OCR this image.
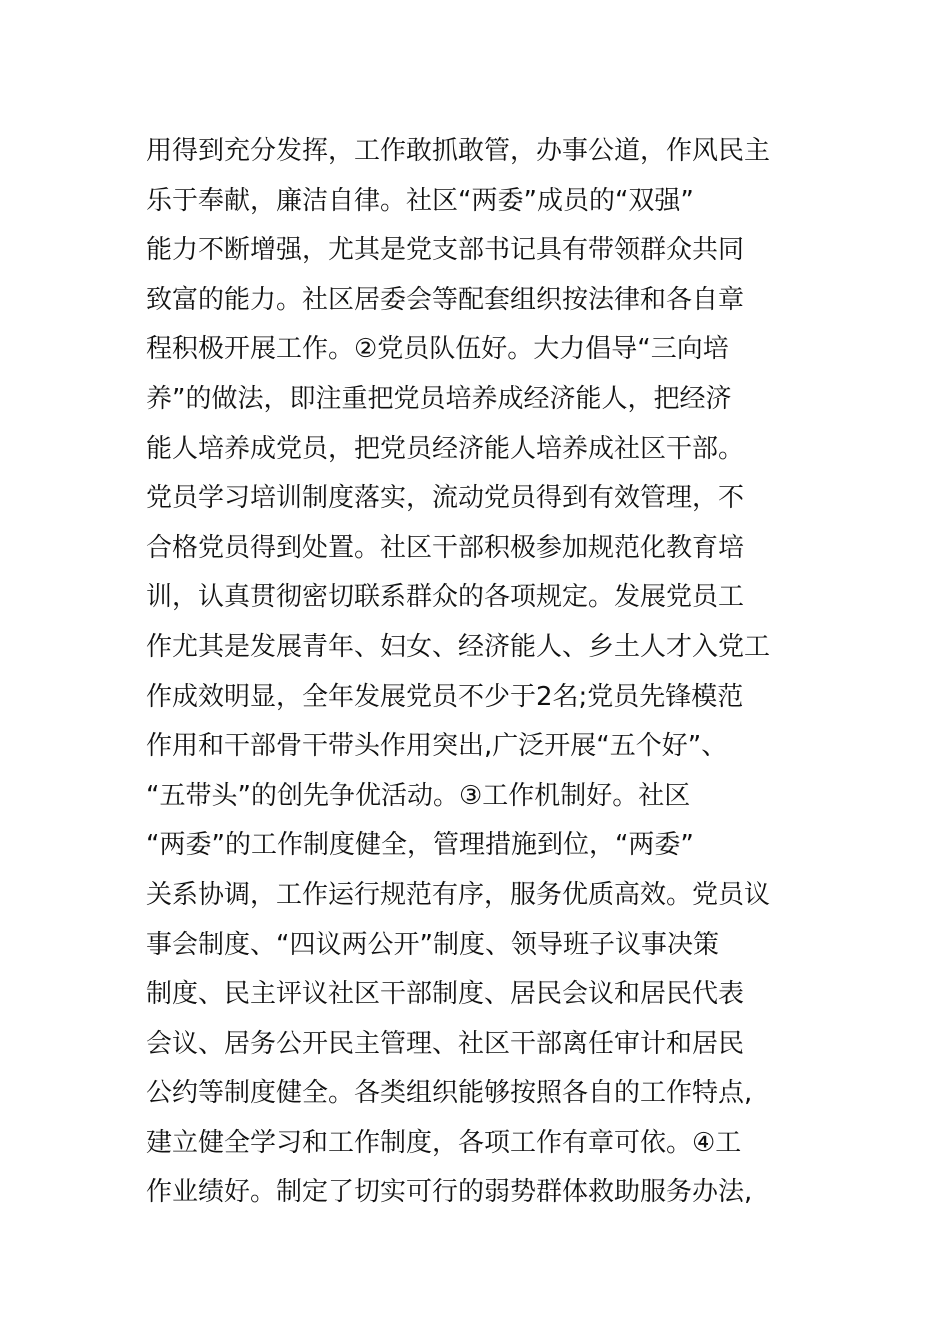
用得到充分发挥，工作敢抓敢管，办事公道，作风民主
乐于奉献，廉洁自律。社区“两委”成员的“双强”
能力不断增强，尤其是党支部书记具有带领群众共同
致富的能力。社区居委会等配套组织按法律和各自章
程积极开展工作。②党员队伍好。大力倡导“三向培
养”的做法，即注重把党员培养成经济能人，把经济
能人培养成党员，把党员经济能人培养成社区干部。
党员学习培训制度落实，流动党员得到有效管理，不
合格党员得到处置。社区干部积极参加规范化教育培
训，认真贯彻密切联系群众的各项规定。发展党员工
作尤其是发展青年、妇女、经济能人、乡土人才入党工
作成效明显，全年发展党员不少于2名;党员先锋模范
作用和干部骨干带头作用突出,广泛开展“五个好”、
“五带头”的创先争优活动。③工作机制好。社区
“两委”的工作制度健全，管理措施到位，“两委”
关系协调，工作运行规范有序，服务优质高效。党员议
事会制度、“四议两公开”制度、领导班子议事决策
制度、民主评议社区干部制度、居民会议和居民代表
会议、居务公开民主管理、社区干部离任审计和居民
公约等制度健全。各类组织能够按照各自的工作特点,
建立健全学习和工作制度，各项工作有章可依。④工
作业绩好。制定了切实可行的弱势群体救助服务办法,
